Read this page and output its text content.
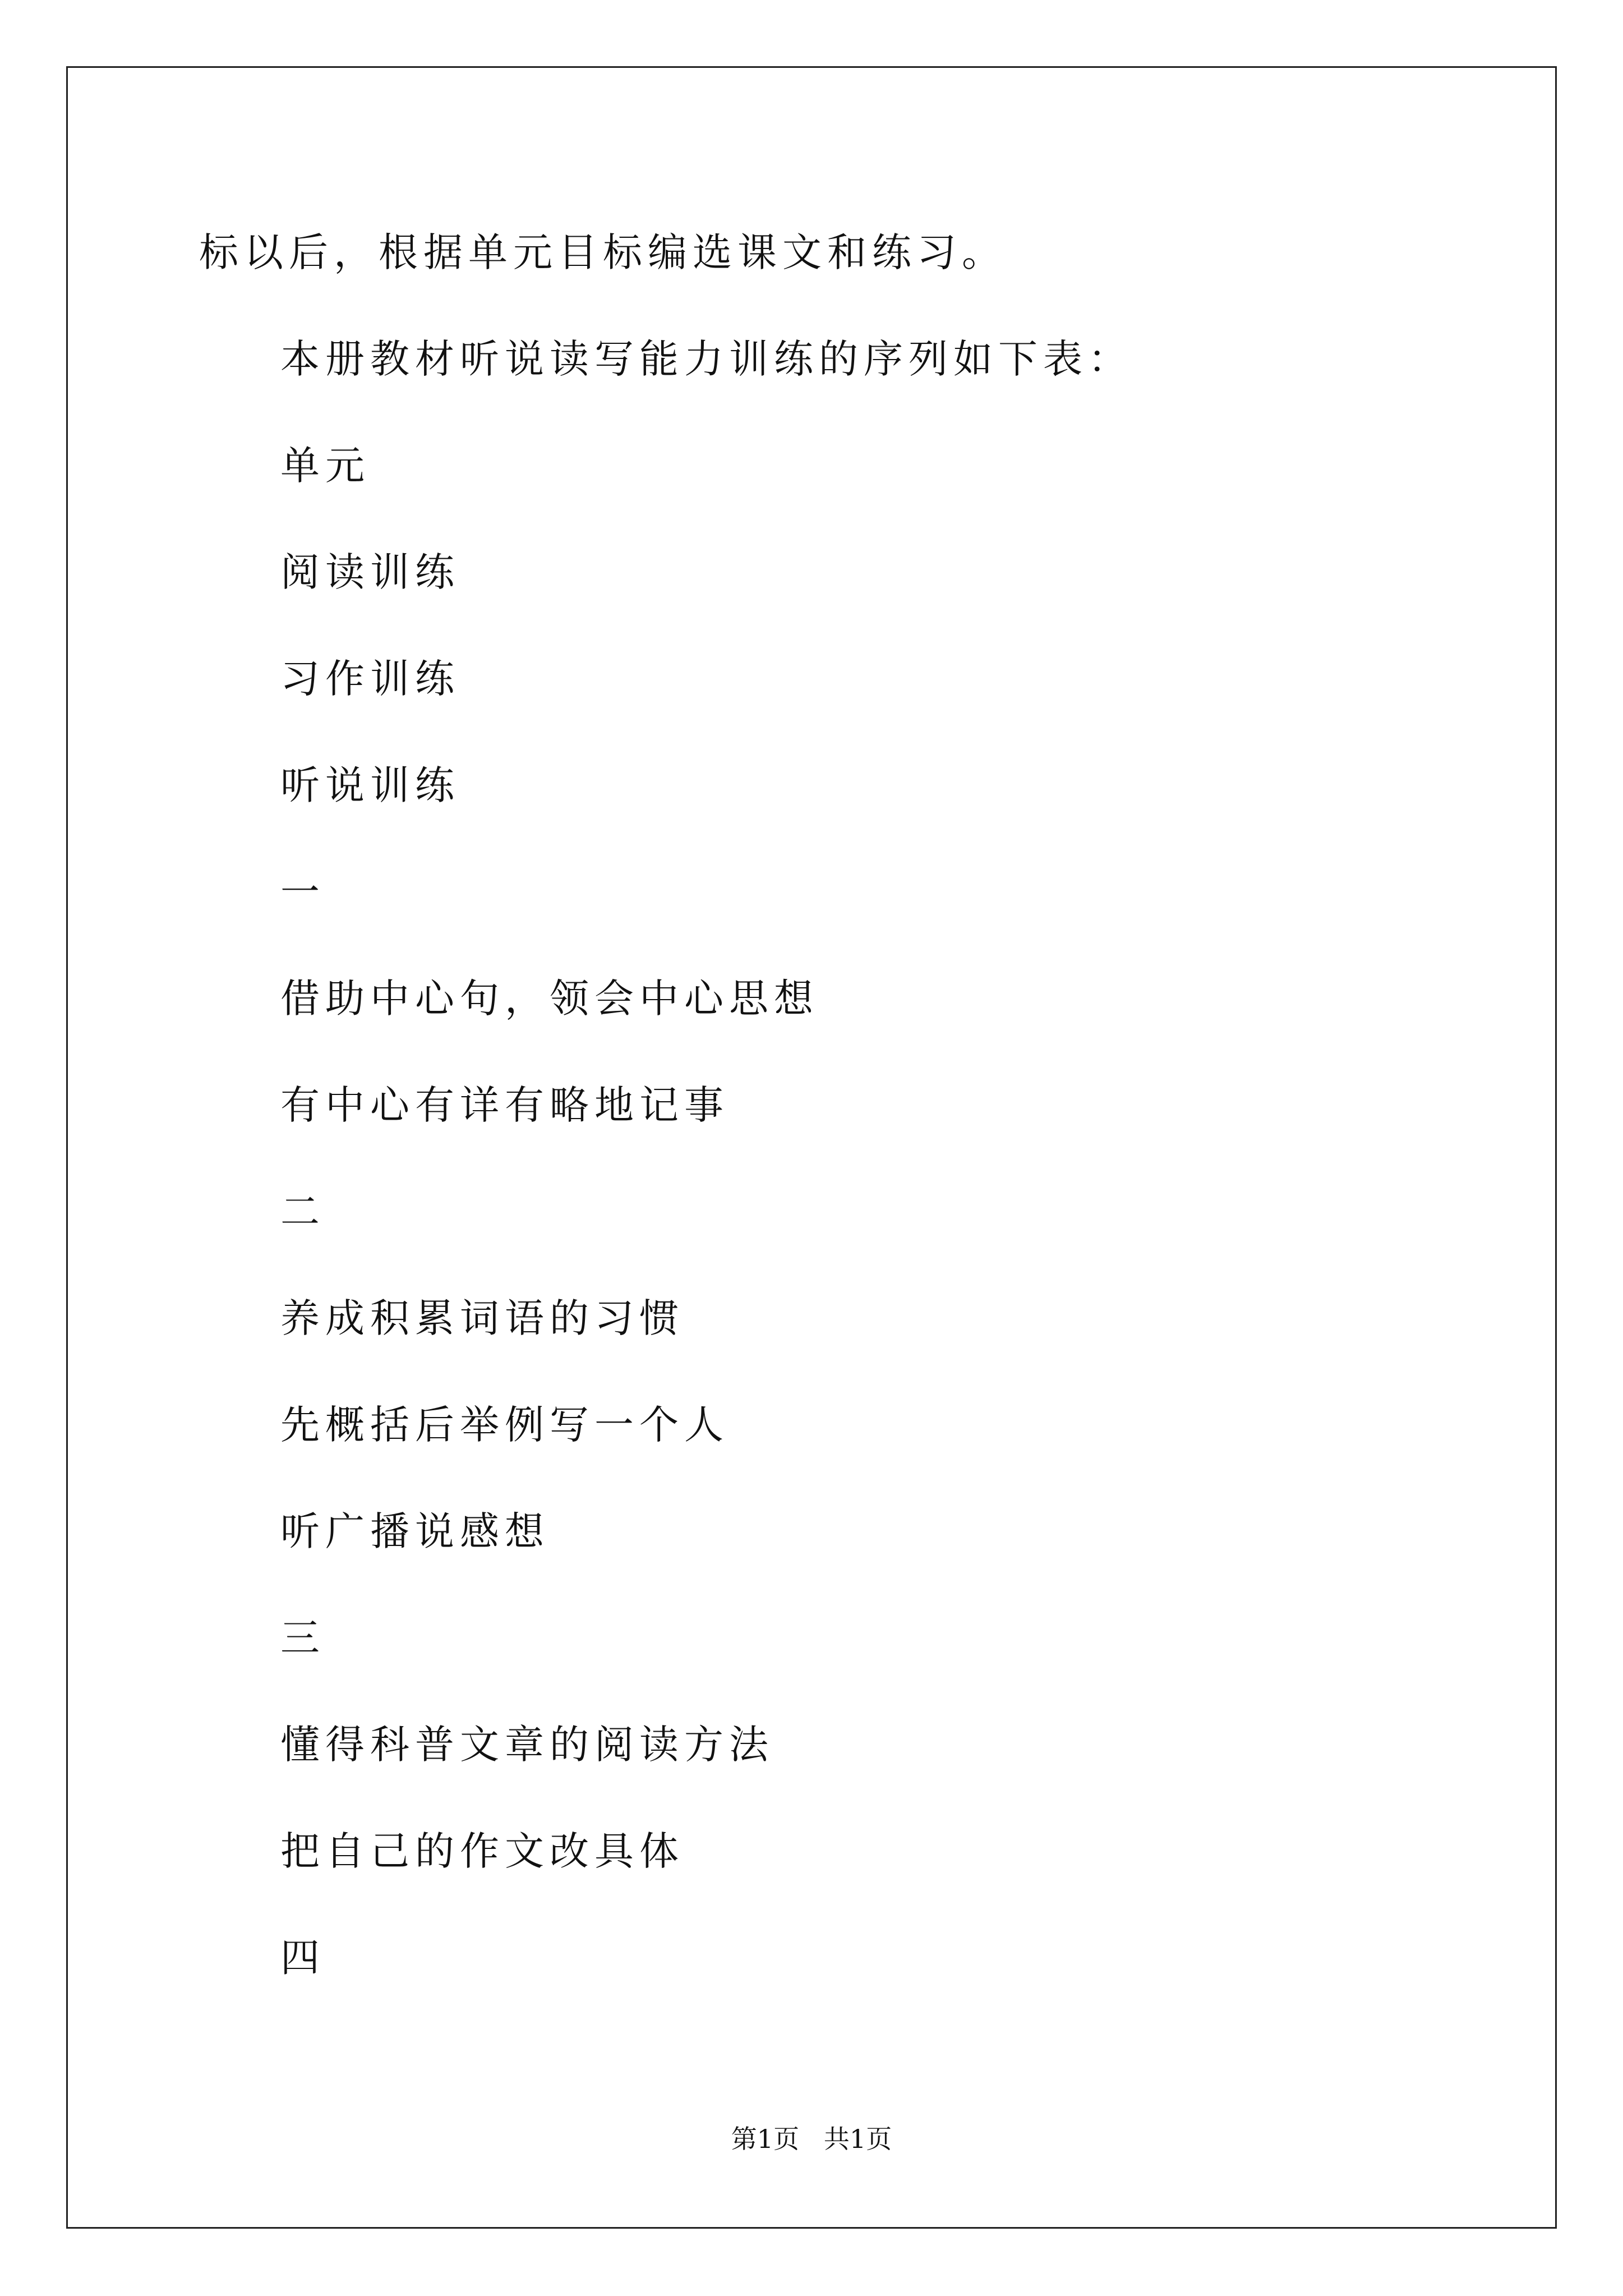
标以后，根据单元目标编选课文和练习。
本册教材听说读写能力训练的序列如下表：
单元
阅读训练
习作训练
听说训练
一
借助中心句，领会中心思想
有中心有详有略地记事
二
养成积累词语的习惯
先概括后举例写一个人
听广播说感想
三
懂得科普文章的阅读方法
把自己的作文改具体
四
第1页   共1页
